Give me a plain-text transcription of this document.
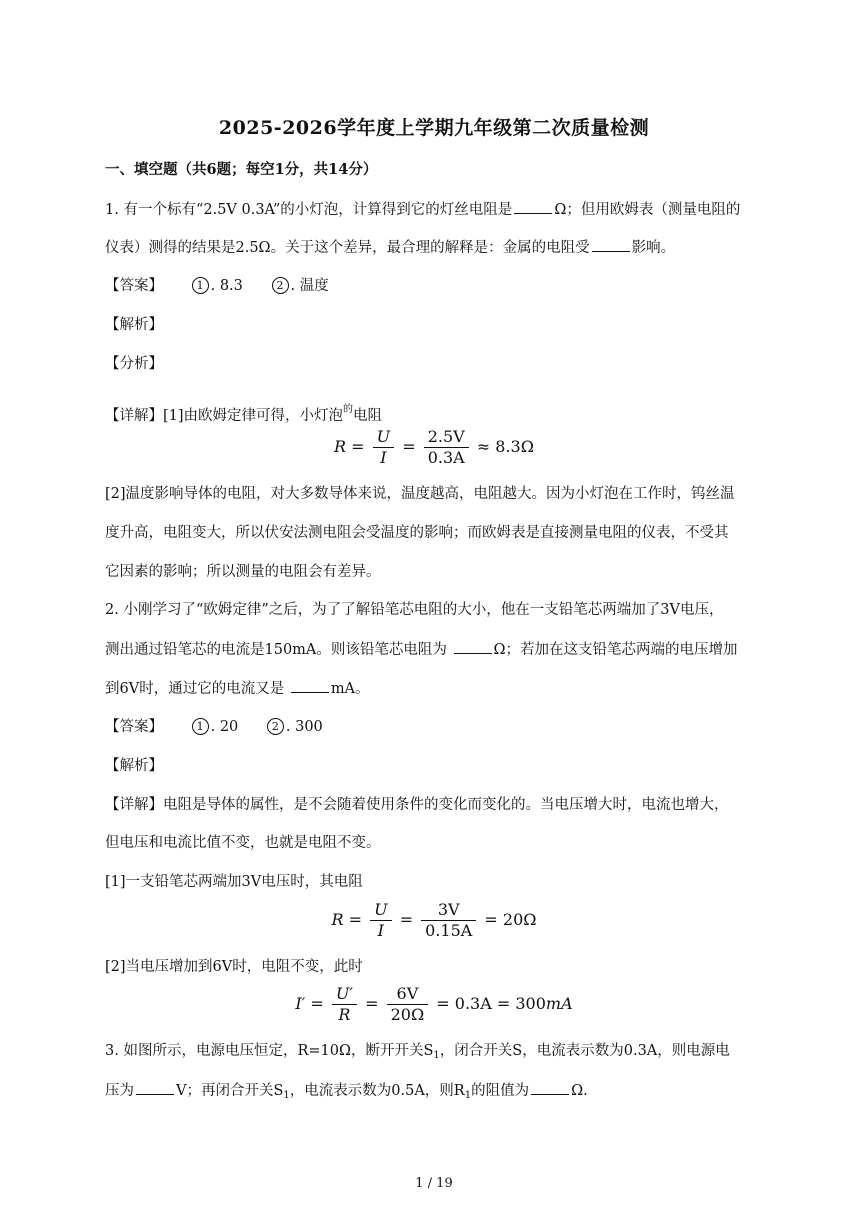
2025-2026学年度上学期九年级第二次质量检测
一、填空题（共6题；每空1分，共14分）
1. 有一个标有“2.5V 0.3A”的小灯泡，计算得到它的灯丝电阻是	Ω；但用欧姆表（测量电阻的
仪表）测得的结果是2.5Ω。关于这个差异，最合理的解释是：金属的电阻受	影响。
【答案】	1 . 8.3	2 . 温度
【解析】
【分析】
【详解】[1]由欧姆定律可得，小灯泡$^的$电阻
$R = \frac{U}{I} = \frac{2.5V}{0.3A} \approx 8.3\Omega$
[2]温度影响导体的电阻，对大多数导体来说，温度越高，电阻越大。因为小灯泡在工作时，钨丝温
度升高，电阻变大，所以伏安法测电阻会受温度的影响；而欧姆表是直接测量电阻的仪表，不受其
它因素的影响；所以测量的电阻会有差异。
2. 小刚学习了“欧姆定律”之后，为了了解铅笔芯电阻的大小，他在一支铅笔芯两端加了3V电压，
测出通过铅笔芯的电流是150mA。则该铅笔芯电阻为	Ω；若加在这支铅笔芯两端的电压增加
到6V时，通过它的电流又是	mA。
【答案】	1 . 20	2 . 300
【解析】
【详解】电阻是导体的属性，是不会随着使用条件的变化而变化的。当电压增大时，电流也增大，
但电压和电流比值不变，也就是电阻不变。
[1]一支铅笔芯两端加3V电压时，其电阻
$R = \frac{U}{I} = \frac{3V}{0.15A} = 20\Omega$
[2]当电压增加到6V时，电阻不变，此时
$I' = \frac{U'}{R} = \frac{6V}{20\Omega} = 0.3A = 300mA$
3. 如图所示，电源电压恒定，R=10Ω，断开开关$S_1$，闭合开关S，电流表示数为0.3A，则电源电
压为	V；再闭合开关$S_1$，电流表示数为0.5A，则$R_1$的阻值为	Ω.
1 / 19
